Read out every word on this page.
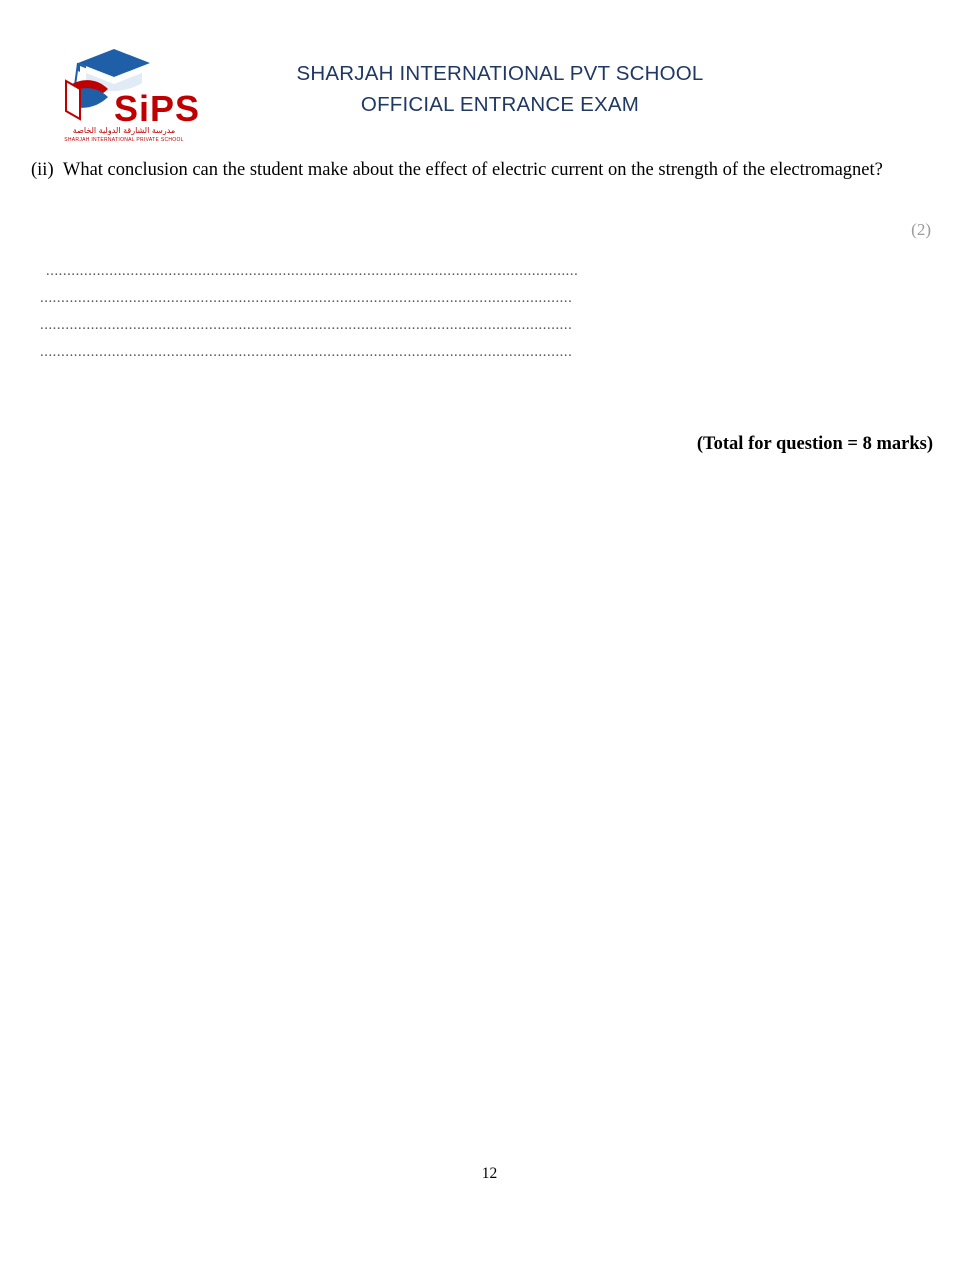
SiPS
مدرسة الشارقة الدولية الخاصة
SHARJAH INTERNATIONAL PRIVATE SCHOOL
SHARJAH INTERNATIONAL PVT SCHOOL
OFFICIAL ENTRANCE EXAM
(ii) What conclusion can the student make about the effect of electric current on the strength of the electromagnet?
(2)
..............................................................................................................................
..............................................................................................................................
..............................................................................................................................
..............................................................................................................................
(Total for question = 8 marks)
12
